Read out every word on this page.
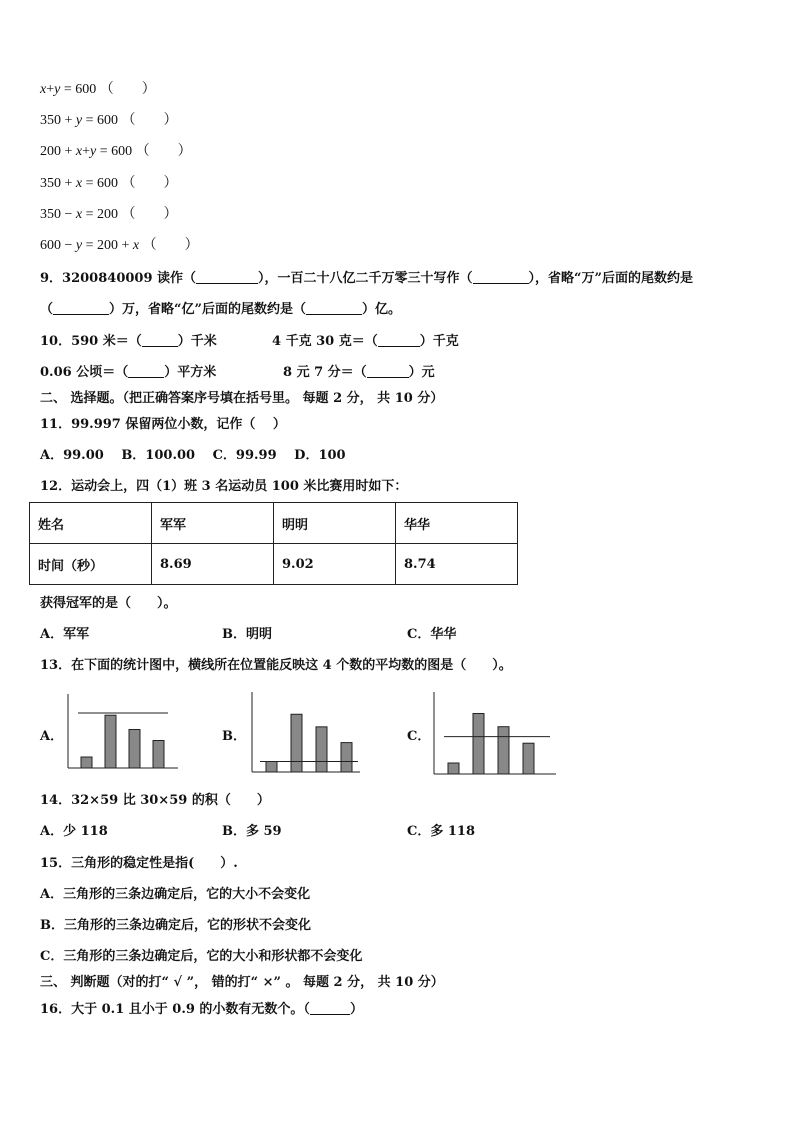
x+y = 600 （　　）
350 + y = 600 （　　）
200 + x+y = 600 （　　）
350 + x = 600 （　　）
350 − x = 200 （　　）
600 − y = 200 + x （　　）
9．3200840009 读作（	），一百二十八亿二千万零三十写作（	），省略“万”后面的尾数约是
（	）万，省略“亿”后面的尾数约是（	）亿。
10．590 米＝（	）千米	4 千克 30 克＝（	）千克
0.06 公顷＝（	）平方米	8 元 7 分＝（	）元
二、 选择题。（把正确答案序号填在括号里。 每题 2 分， 共 10 分）
11．99.997 保留两位小数，记作（　 ）
A．99.00　 B．100.00　 C．99.99　 D．100
12．运动会上，四（1）班 3 名运动员 100 米比赛用时如下：
姓名	军军	明明	华华
时间（秒）	8.69	9.02	8.74
获得冠军的是（　　）。
A．军军	B．明明	C．华华
13．在下面的统计图中，横线所在位置能反映这 4 个数的平均数的图是（　　）。
A．	B．	C．
14．32×59 比 30×59 的积（　　）
A．少 118	B．多 59	C．多 118
15．三角形的稳定性是指(　　）.
A．三角形的三条边确定后，它的大小不会变化
B．三角形的三条边确定后，它的形状不会变化
C．三角形的三条边确定后，它的大小和形状都不会变化
三、 判断题（对的打“ √ ”， 错的打“ ×” 。 每题 2 分， 共 10 分）
16．大于 0.1 且小于 0.9 的小数有无数个。（	）
